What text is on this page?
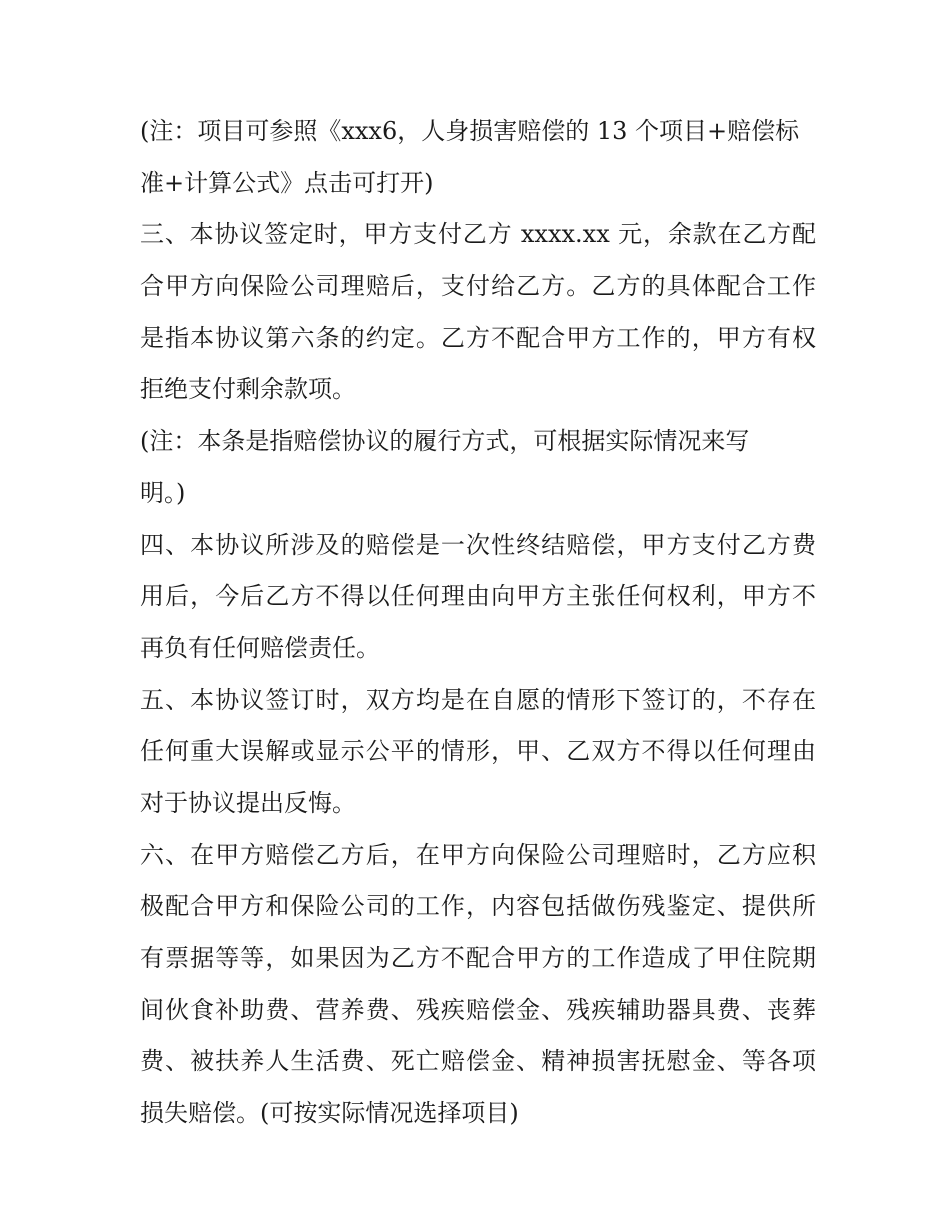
(注：项目可参照《xxx6，人身损害赔偿的 13 个项目+赔偿标
准+计算公式》点击可打开)
三、本协议签定时，甲方支付乙方 xxxx.xx 元，余款在乙方配
合甲方向保险公司理赔后，支付给乙方。乙方的具体配合工作
是指本协议第六条的约定。乙方不配合甲方工作的，甲方有权
拒绝支付剩余款项。
(注：本条是指赔偿协议的履行方式，可根据实际情况来写
明。)
四、本协议所涉及的赔偿是一次性终结赔偿，甲方支付乙方费
用后，今后乙方不得以任何理由向甲方主张任何权利，甲方不
再负有任何赔偿责任。
五、本协议签订时，双方均是在自愿的情形下签订的，不存在
任何重大误解或显示公平的情形，甲、乙双方不得以任何理由
对于协议提出反悔。
六、在甲方赔偿乙方后，在甲方向保险公司理赔时，乙方应积
极配合甲方和保险公司的工作，内容包括做伤残鉴定、提供所
有票据等等，如果因为乙方不配合甲方的工作造成了甲住院期
间伙食补助费、营养费、残疾赔偿金、残疾辅助器具费、丧葬
费、被扶养人生活费、死亡赔偿金、精神损害抚慰金、等各项
损失赔偿。(可按实际情况选择项目)
